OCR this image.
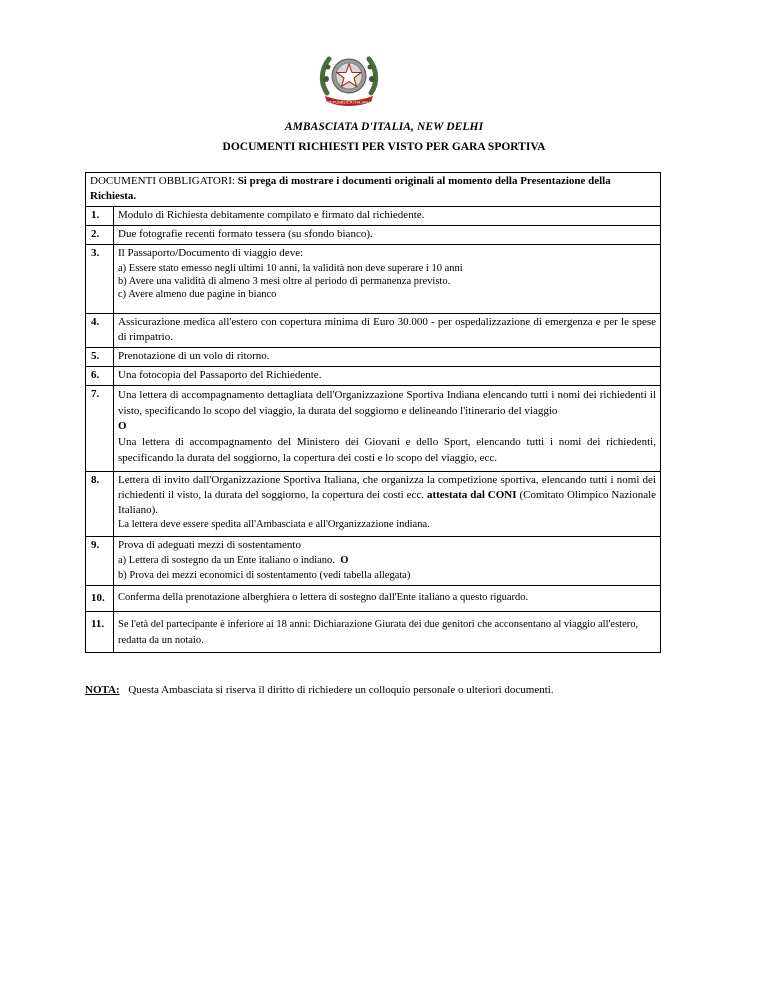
REPUBBLICA ITALIANA
AMBASCIATA D'ITALIA, NEW DELHI
DOCUMENTI RICHIESTI PER VISTO PER GARA SPORTIVA
DOCUMENTI OBBLIGATORI: Si prega di mostrare i documenti originali al momento della Presentazione della Richiesta.	
1.	Modulo di Richiesta debitamente compilato e firmato dal richiedente.
2.	Due fotografie recenti formato tessera (su sfondo bianco).
3.	Il Passaporto/Documento di viaggio deve:
a) Essere stato emesso negli ultimi 10 anni, la validità non deve superare i 10 anni
b) Avere una validità di almeno 3 mesi oltre al periodo di permanenza previsto.
c) Avere almeno due pagine in bianco

4.	Assicurazione medica all'estero con copertura minima di Euro 30.000 - per ospedalizzazione di emergenza e per le spese di rimpatrio.
5.	Prenotazione di un volo di ritorno.
6.	Una fotocopia del Passaporto del Richiedente.
7.	Una lettera di accompagnamento dettagliata dell'Organizzazione Sportiva Indiana elencando tutti i nomi dei richiedenti il visto, specificando lo scopo del viaggio, la durata del soggiorno e delineando l'itinerario del viaggio
O
Una lettera di accompagnamento del Ministero dei Giovani e dello Sport, elencando tutti i nomi dei richiedenti, specificando la durata del soggiorno, la copertura dei costi e lo scopo del viaggio, ecc.

8.	Lettera di invito dall'Organizzazione Sportiva Italiana, che organizza la competizione sportiva, elencando tutti i nomi dei richiedenti il visto, la durata del soggiorno, la copertura dei costi ecc. attestata dal CONI (Comitato Olimpico Nazionale Italiano).
La lettera deve essere spedita all'Ambasciata e all'Organizzazione indiana.

9.	Prova di adeguati mezzi di sostentamento
a) Lettera di sostegno da un Ente italiano o indiano. O
b) Prova dei mezzi economici di sostentamento (vedi tabella allegata)

10.	Conferma della prenotazione alberghiera o lettera di sostegno dall'Ente italiano a questo riguardo.
11.	Se l'età del partecipante è inferiore ai 18 anni: Dichiarazione Giurata dei due genitori che acconsentano al viaggio all'estero, redatta da un notaio.
NOTA: Questa Ambasciata si riserva il diritto di richiedere un colloquio personale o ulteriori documenti.
